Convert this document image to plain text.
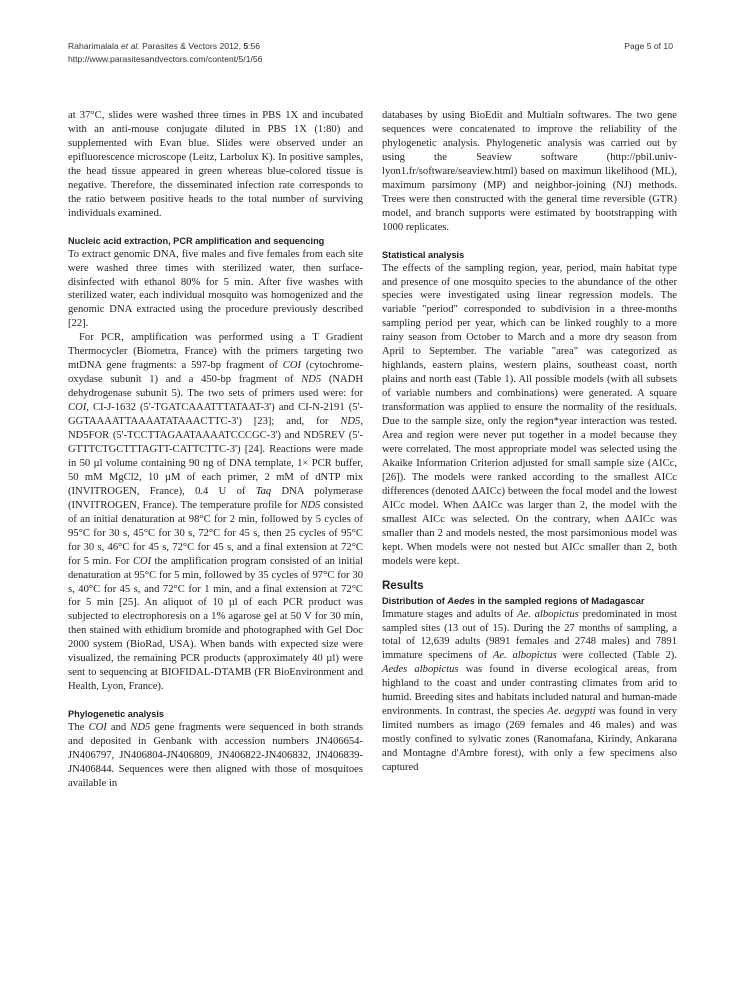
Raharimalala et al. Parasites & Vectors 2012, 5:56
http://www.parasitesandvectors.com/content/5/1/56
Page 5 of 10

at 37°C, slides were washed three times in PBS 1X and incubated with an anti-mouse conjugate diluted in PBS 1X (1:80) and supplemented with Evan blue. Slides were observed under an epifluorescence microscope (Leitz, Larbolux K). In positive samples, the head tissue appeared in green whereas blue-colored tissue is negative. Therefore, the disseminated infection rate corresponds to the ratio between positive heads to the total number of surviving individuals examined.

Nucleic acid extraction, PCR amplification and sequencing

To extract genomic DNA, five males and five females from each site were washed three times with sterilized water, then surface-disinfected with ethanol 80% for 5 min. After five washes with sterilized water, each individual mosquito was homogenized and the genomic DNA extracted using the procedure previously described [22].

For PCR, amplification was performed using a T Gradient Thermocycler (Biometra, France) with the primers targeting two mtDNA gene fragments: a 597-bp fragment of COI (cytochrome-oxydase subunit 1) and a 450-bp fragment of ND5 (NADH dehydrogenase subunit 5). The two sets of primers used were: for COI, CI-J-1632 (5'-TGATCAAATTTATAAT-3') and CI-N-2191 (5'-GGTAAAATTAAAATATAAACTTC-3') [23]; and, for ND5, ND5FOR (5'-TCCTTAGAATAAAATCCCGC-3') and ND5REV (5'-GTTTCTGCTTTAGTT-CATTCTTC-3') [24]. Reactions were made in 50 µl volume containing 90 ng of DNA template, 1× PCR buffer, 50 mM MgCl2, 10 µM of each primer, 2 mM of dNTP mix (INVITROGEN, France), 0.4 U of Taq DNA polymerase (INVITROGEN, France). The temperature profile for ND5 consisted of an initial denaturation at 98°C for 2 min, followed by 5 cycles of 95°C for 30 s, 45°C for 30 s, 72°C for 45 s, then 25 cycles of 95°C for 30 s, 46°C for 45 s, 72°C for 45 s, and a final extension at 72°C for 5 min. For COI the amplification program consisted of an initial denaturation at 95°C for 5 min, followed by 35 cycles of 97°C for 30 s, 40°C for 45 s, and 72°C for 1 min, and a final extension at 72°C for 5 min [25]. An aliquot of 10 µl of each PCR product was subjected to electrophoresis on a 1% agarose gel at 50 V for 30 min, then stained with ethidium bromide and photographed with Gel Doc 2000 system (BioRad, USA). When bands with expected size were visualized, the remaining PCR products (approximately 40 µl) were sent to sequencing at BIOFIDAL-DTAMB (FR BioEnvironment and Health, Lyon, France).

Phylogenetic analysis

The COI and ND5 gene fragments were sequenced in both strands and deposited in Genbank with accession numbers JN406654-JN406797, JN406804-JN406809, JN406822-JN406832, JN406839-JN406844. Sequences were then aligned with those of mosquitoes available in

databases by using BioEdit and Multialn softwares. The two gene sequences were concatenated to improve the reliability of the phylogenetic analysis. Phylogenetic analysis was carried out by using the Seaview software (http://pbil.univ-lyon1.fr/software/seaview.html) based on maximun likelihood (ML), maximum parsimony (MP) and neighbor-joining (NJ) methods. Trees were then constructed with the general time reversible (GTR) model, and branch supports were estimated by bootstrapping with 1000 replicates.

Statistical analysis

The effects of the sampling region, year, period, main habitat type and presence of one mosquito species to the abundance of the other species were investigated using linear regression models. The variable "period" corresponded to subdivision in a three-months sampling period per year, which can be linked roughly to a more rainy season from October to March and a more dry season from April to September. The variable "area" was categorized as highlands, eastern plains, western plains, southeast coast, north plains and north east (Table 1). All possible models (with all subsets of variable numbers and combinations) were generated. A square transformation was applied to ensure the normality of the residuals. Due to the sample size, only the region*year interaction was tested. Area and region were never put together in a model because they were correlated. The most appropriate model was selected using the Akaike Information Criterion adjusted for small sample size (AICc, [26]). The models were ranked according to the smallest AICc differences (denoted ΔAICc) between the focal model and the lowest AICc model. When ΔAICc was larger than 2, the model with the smallest AICc was selected. On the contrary, when ΔAICc was smaller than 2 and models nested, the most parsimonious model was kept. When models were not nested but AICc smaller than 2, both models were kept.

Results
Distribution of Aedes in the sampled regions of Madagascar

Immature stages and adults of Ae. albopictus predominated in most sampled sites (13 out of 15). During the 27 months of sampling, a total of 12,639 adults (9891 females and 2748 males) and 7891 immature specimens of Ae. albopictus were collected (Table 2). Aedes albopictus was found in diverse ecological areas, from highland to the coast and under contrasting climates from arid to humid. Breeding sites and habitats included natural and human-made environments. In contrast, the species Ae. aegypti was found in very limited numbers as imago (269 females and 46 males) and was mostly confined to sylvatic zones (Ranomafana, Kirindy, Ankarana and Montagne d'Ambre forest), with only a few specimens also captured
